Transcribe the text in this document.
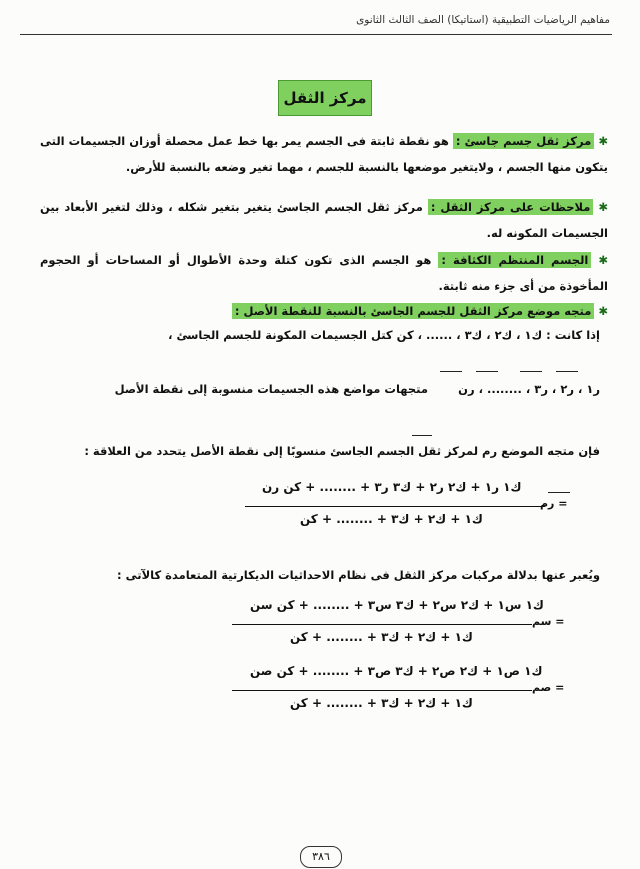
مفاهيم الرياضيات التطبيقية (استاتيكا) الصف الثالث الثانوى
مركز الثقل
✱ مركز ثقل جسم جاسئ : هو نقطة ثابتة فى الجسم يمر بها خط عمل محصلة أوزان الجسيمات التى يتكون منها الجسم ، ولايتغير موضعها بالنسبة للجسم ، مهما تغير وضعه بالنسبة للأرض.
✱ ملاحظات على مركز الثقل : مركز ثقل الجسم الجاسئ يتغير بتغير شكله ، وذلك لتغير الأبعاد بين الجسيمات المكونه له.
✱ الجسم المنتظم الكثافة : هو الجسم الذى تكون كتلة وحدة الأطوال أو المساحات أو الحجوم المأخوذة من أى جزء منه ثابتة.
✱ متجه موضع مركز الثقل للجسم الجاسئ بالنسبة للنقطة الأصل :
إذا كانت : ك١ ، ك٢ ، ك٣ ، ...... ، كن كتل الجسيمات المكونة للجسم الجاسئ ،
ر١ ، ر٢ ، ر٣ ، ........ ، رن
متجهات مواضع هذه الجسيمات منسوبة إلى نقطة الأصل
فإن متجه الموضع رم لمركز ثقل الجسم الجاسئ منسوبًا إلى نقطة الأصل يتحدد من العلاقة :
ك١ ر١ + ك٢ ر٢ + ك٣ ر٣ + ........ + كن رن
ك١ + ك٢ + ك٣ + ........ + كن
رم =
ويُعبر عنها بدلالة مركبات مركز الثقل فى نظام الاحداثيات الديكارتية المتعامدة كالآتى :
ك١ س١ + ك٢ س٢ + ك٣ س٣ + ........ + كن سن
ك١ + ك٢ + ك٣ + ........ + كن
سم =
ك١ ص١ + ك٢ ص٢ + ك٣ ص٣ + ........ + كن صن
ك١ + ك٢ + ك٣ + ........ + كن
صم =
٣٨٦
